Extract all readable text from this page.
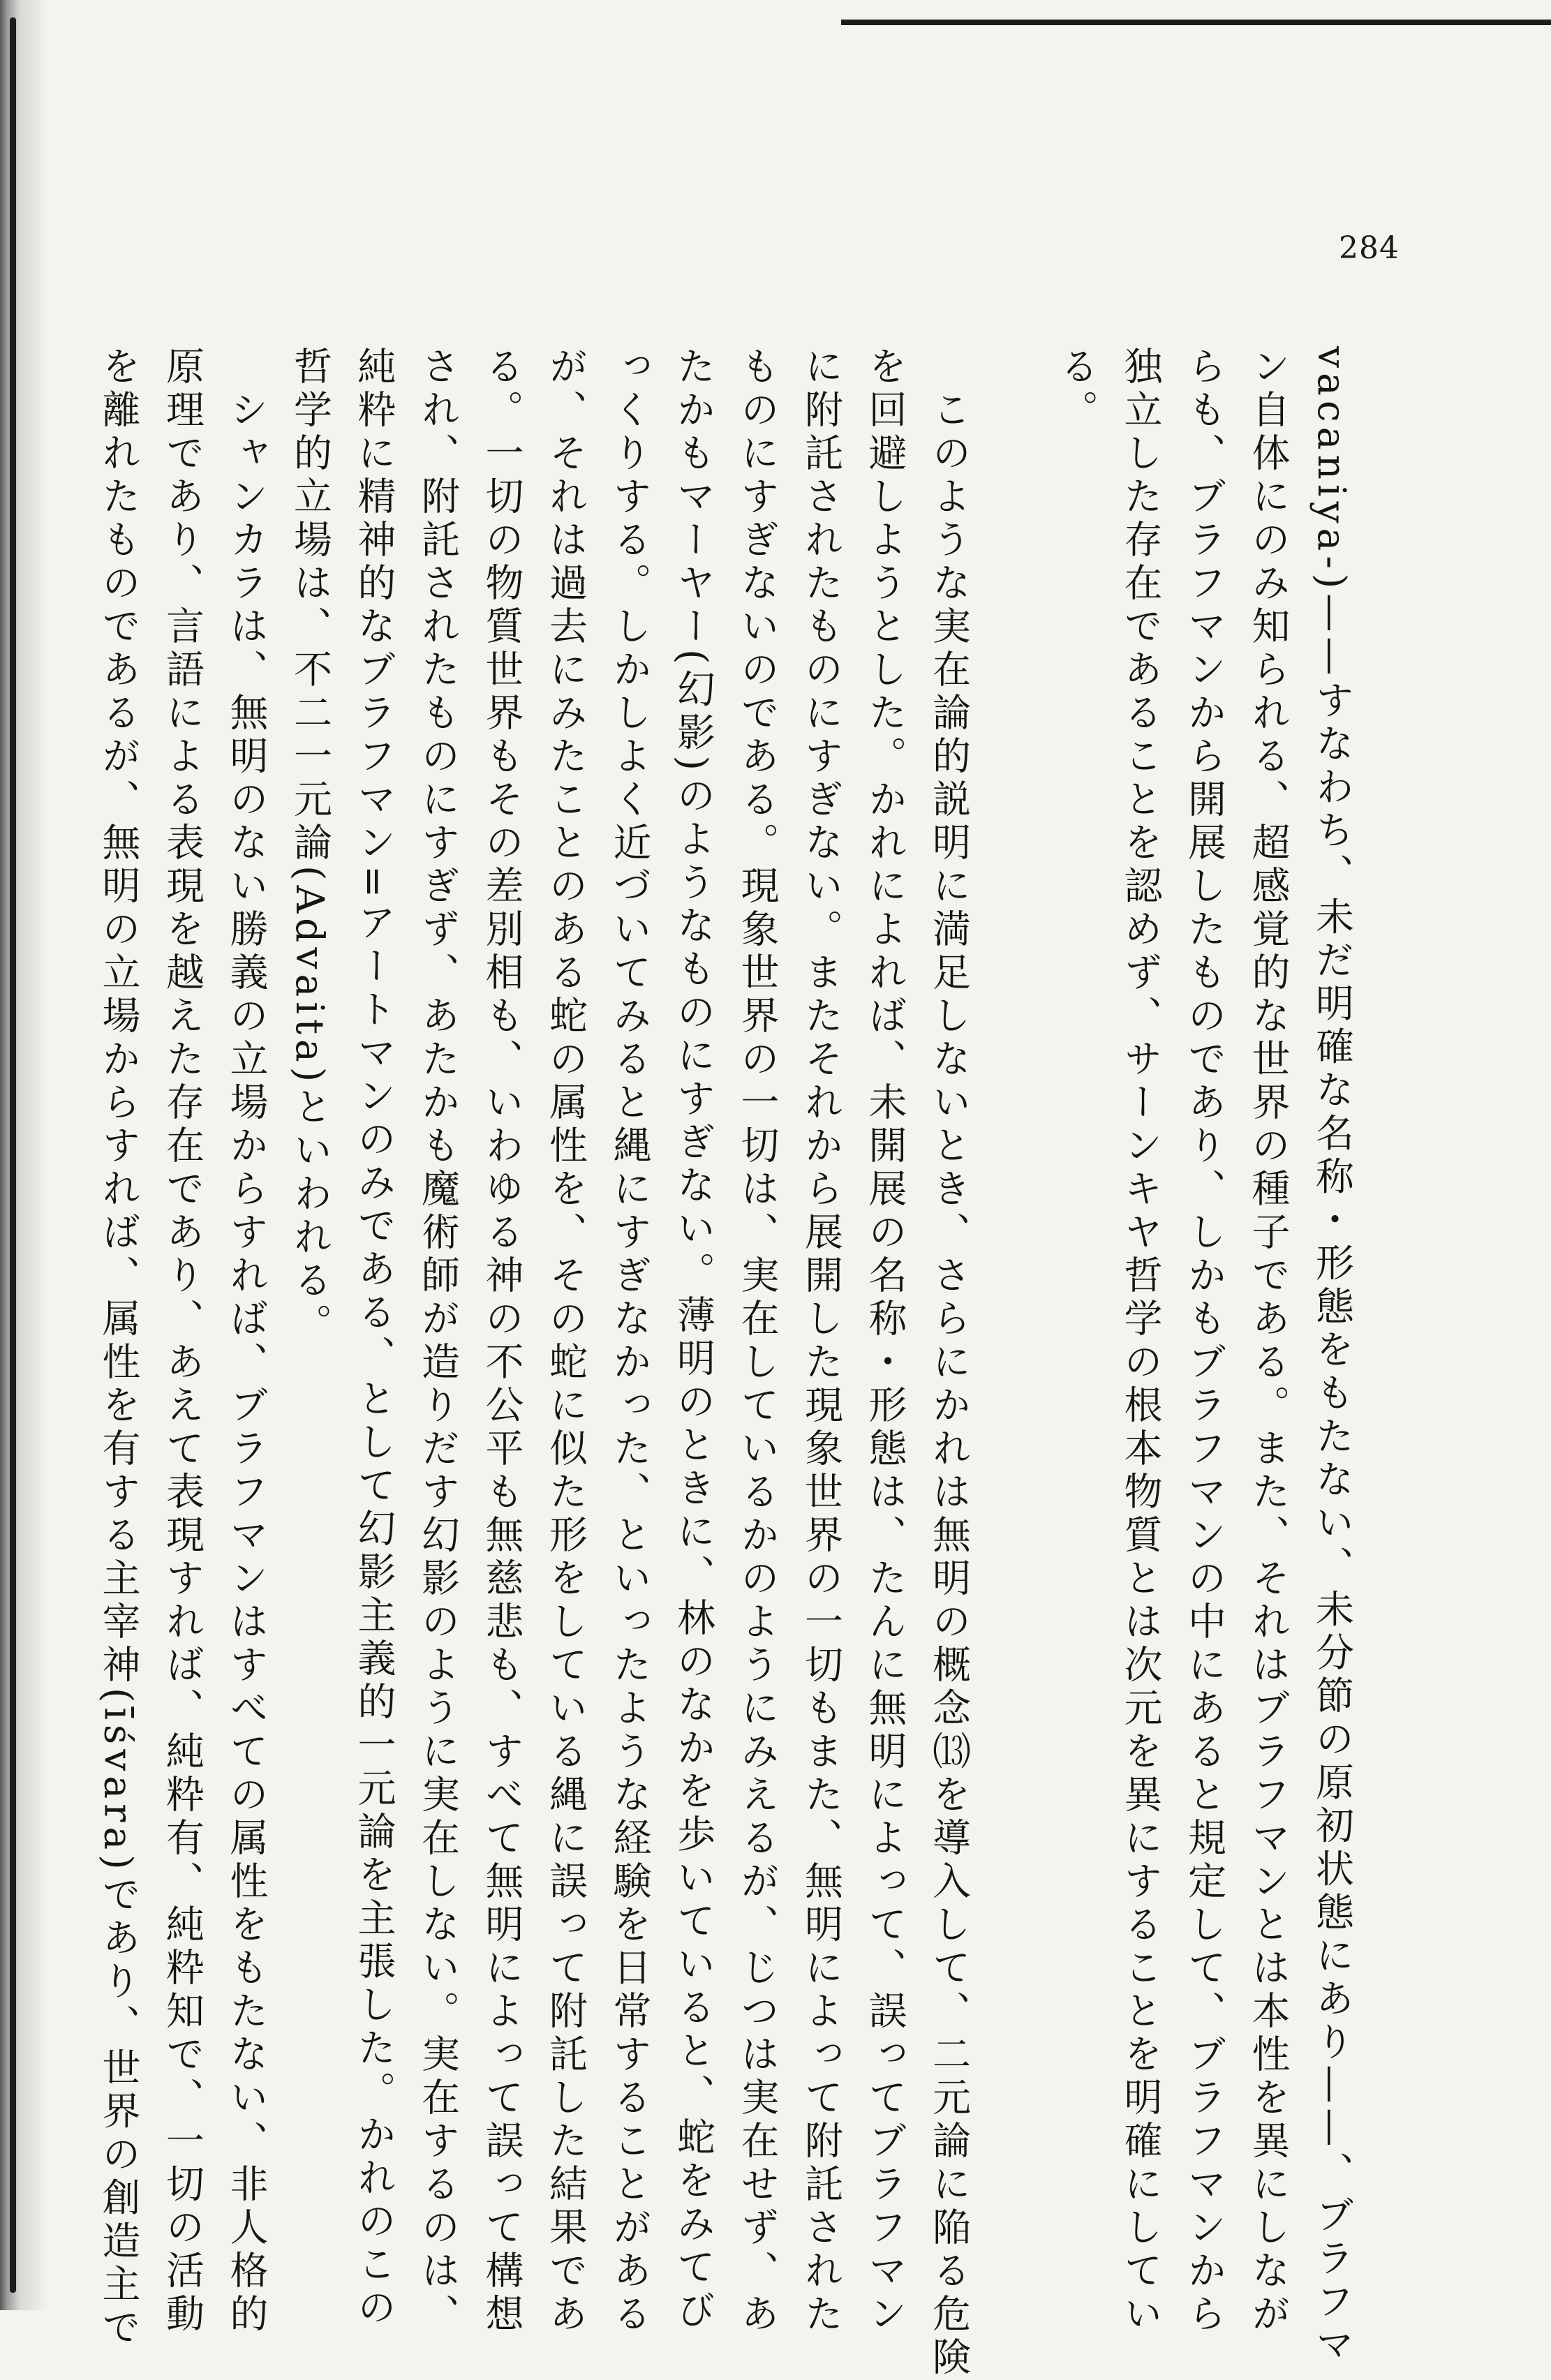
284
vacaniya-)——すなわち、未だ明確な名称・形態をもたない、未分節の原初状態にあり——、ブラフマ
ン自体にのみ知られる、超感覚的な世界の種子である。また、それはブラフマンとは本性を異にしなが
らも、ブラフマンから開展したものであり、しかもブラフマンの中にあると規定して、ブラフマンから
独立した存在であることを認めず、サーンキヤ哲学の根本物質とは次元を異にすることを明確にしてい
る。
　このような実在論的説明に満足しないとき、さらにかれは無明の概念⒀を導入して、二元論に陥る危険
を回避しようとした。かれによれば、未開展の名称・形態は、たんに無明によって、誤ってブラフマン
に附託されたものにすぎない。またそれから展開した現象世界の一切もまた、無明によって附託された
ものにすぎないのである。現象世界の一切は、実在しているかのようにみえるが、じつは実在せず、あ
たかもマーヤー(幻影)のようなものにすぎない。薄明のときに、林のなかを歩いていると、蛇をみてび
っくりする。しかしよく近づいてみると縄にすぎなかった、といったような経験を日常することがある
が、それは過去にみたことのある蛇の属性を、その蛇に似た形をしている縄に誤って附託した結果であ
る。一切の物質世界もその差別相も、いわゆる神の不公平も無慈悲も、すべて無明によって誤って構想
され、附託されたものにすぎず、あたかも魔術師が造りだす幻影のように実在しない。実在するのは、
純粋に精神的なブラフマン=アートマンのみである、として幻影主義的一元論を主張した。かれのこの
哲学的立場は、不二一元論(Advaita)といわれる。
　シャンカラは、無明のない勝義の立場からすれば、ブラフマンはすべての属性をもたない、非人格的
原理であり、言語による表現を越えた存在であり、あえて表現すれば、純粋有、純粋知で、一切の活動
を離れたものであるが、無明の立場からすれば、属性を有する主宰神(īśvara)であり、世界の創造主で
